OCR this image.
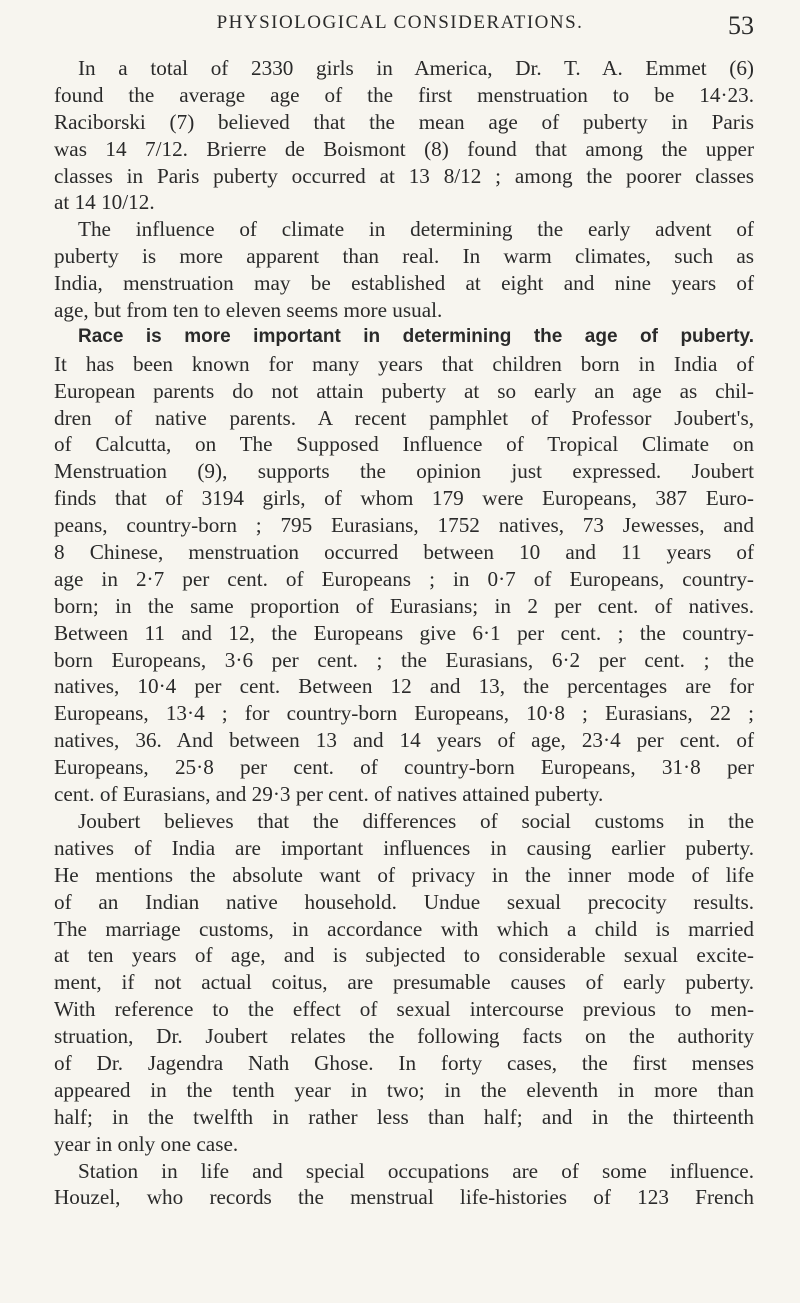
PHYSIOLOGICAL CONSIDERATIONS.	53
In a total of 2330 girls in America, Dr. T. A. Emmet (6)
found the average age of the first menstruation to be 14·23.
Raciborski (7) believed that the mean age of puberty in Paris
was 14 7/12. Brierre de Boismont (8) found that among the upper
classes in Paris puberty occurred at 13 8/12 ; among the poorer classes
at 14 10/12.
The influence of climate in determining the early advent of
puberty is more apparent than real. In warm climates, such as
India, menstruation may be established at eight and nine years of
age, but from ten to eleven seems more usual.
Race is more important in determining the age of puberty.
It has been known for many years that children born in India of
European parents do not attain puberty at so early an age as chil-
dren of native parents. A recent pamphlet of Professor Joubert's,
of Calcutta, on The Supposed Influence of Tropical Climate on
Menstruation (9), supports the opinion just expressed. Joubert
finds that of 3194 girls, of whom 179 were Europeans, 387 Euro-
peans, country-born ; 795 Eurasians, 1752 natives, 73 Jewesses, and
8 Chinese, menstruation occurred between 10 and 11 years of
age in 2·7 per cent. of Europeans ; in 0·7 of Europeans, country-
born; in the same proportion of Eurasians; in 2 per cent. of natives.
Between 11 and 12, the Europeans give 6·1 per cent. ; the country-
born Europeans, 3·6 per cent. ; the Eurasians, 6·2 per cent. ; the
natives, 10·4 per cent. Between 12 and 13, the percentages are for
Europeans, 13·4 ; for country-born Europeans, 10·8 ; Eurasians, 22 ;
natives, 36. And between 13 and 14 years of age, 23·4 per cent. of
Europeans, 25·8 per cent. of country-born Europeans, 31·8 per
cent. of Eurasians, and 29·3 per cent. of natives attained puberty.
Joubert believes that the differences of social customs in the
natives of India are important influences in causing earlier puberty.
He mentions the absolute want of privacy in the inner mode of life
of an Indian native household. Undue sexual precocity results.
The marriage customs, in accordance with which a child is married
at ten years of age, and is subjected to considerable sexual excite-
ment, if not actual coitus, are presumable causes of early puberty.
With reference to the effect of sexual intercourse previous to men-
struation, Dr. Joubert relates the following facts on the authority
of Dr. Jagendra Nath Ghose. In forty cases, the first menses
appeared in the tenth year in two; in the eleventh in more than
half; in the twelfth in rather less than half; and in the thirteenth
year in only one case.
Station in life and special occupations are of some influence.
Houzel, who records the menstrual life-histories of 123 French
